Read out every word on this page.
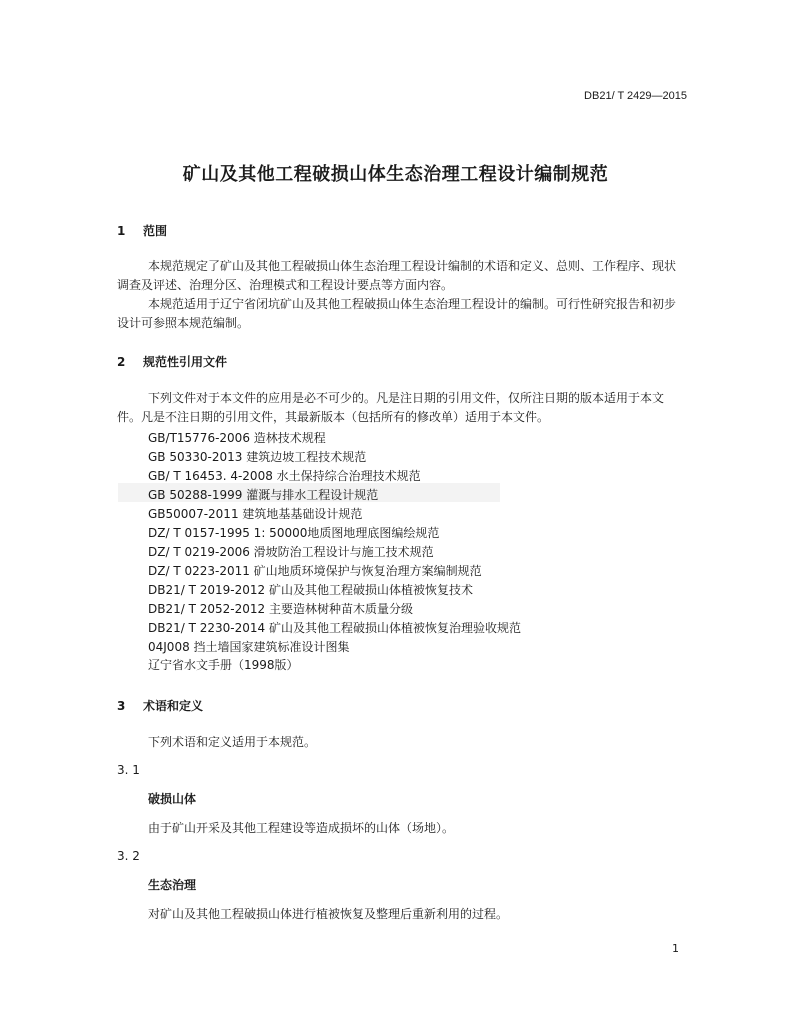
DB21/ T 2429—2015
矿山及其他工程破损山体生态治理工程设计编制规范
1 范围
本规范规定了矿山及其他工程破损山体生态治理工程设计编制的术语和定义、总则、工作程序、现状调查及评述、治理分区、治理模式和工程设计要点等方面内容。
本规范适用于辽宁省闭坑矿山及其他工程破损山体生态治理工程设计的编制。可行性研究报告和初步设计可参照本规范编制。
2 规范性引用文件
下列文件对于本文件的应用是必不可少的。凡是注日期的引用文件，仅所注日期的版本适用于本文件。凡是不注日期的引用文件，其最新版本（包括所有的修改单）适用于本文件。
GB/T15776-2006 造林技术规程
GB 50330-2013 建筑边坡工程技术规范
GB/ T 16453. 4-2008 水土保持综合治理技术规范
GB 50288-1999 灌溉与排水工程设计规范
GB50007-2011 建筑地基基础设计规范
DZ/ T 0157-1995 1: 50000地质图地理底图编绘规范
DZ/ T 0219-2006 滑坡防治工程设计与施工技术规范
DZ/ T 0223-2011 矿山地质环境保护与恢复治理方案编制规范
DB21/ T 2019-2012 矿山及其他工程破损山体植被恢复技术
DB21/ T 2052-2012 主要造林树种苗木质量分级
DB21/ T 2230-2014 矿山及其他工程破损山体植被恢复治理验收规范
04J008 挡土墙国家建筑标准设计图集
辽宁省水文手册（1998版）
3 术语和定义
下列术语和定义适用于本规范。
3. 1
破损山体
由于矿山开采及其他工程建设等造成损坏的山体（场地）。
3. 2
生态治理
对矿山及其他工程破损山体进行植被恢复及整理后重新利用的过程。
1
